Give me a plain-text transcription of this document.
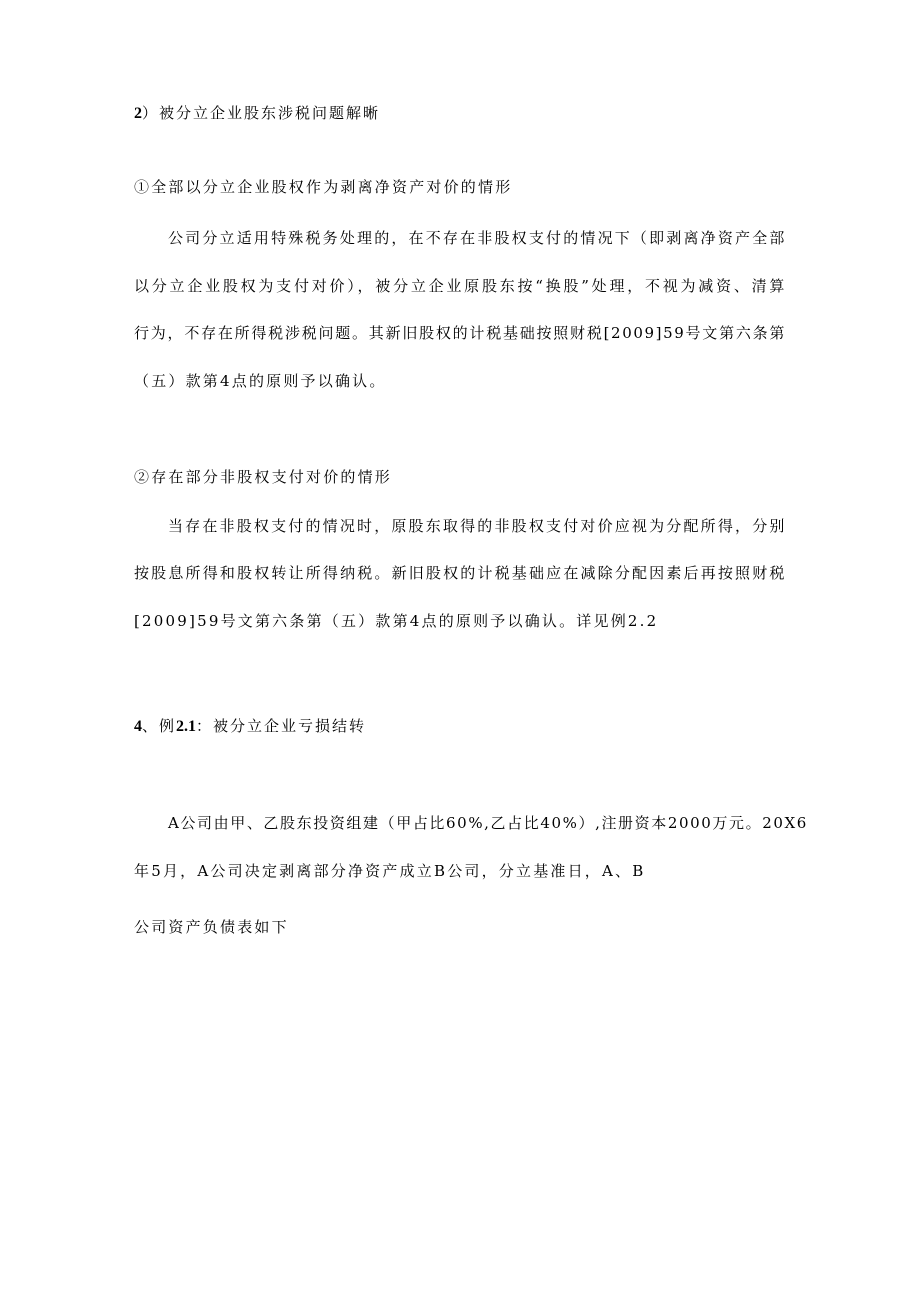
2）被分立企业股东涉税问题解晰
①全部以分立企业股权作为剥离净资产对价的情形
公司分立适用特殊税务处理的，在不存在非股权支付的情况下（即剥离净资产全部
以分立企业股权为支付对价），被分立企业原股东按“换股”处理，不视为减资、清算
行为，不存在所得税涉税问题。其新旧股权的计税基础按照财税[2009]59号文第六条第
（五）款第4点的原则予以确认。
②存在部分非股权支付对价的情形
当存在非股权支付的情况时，原股东取得的非股权支付对价应视为分配所得，分别
按股息所得和股权转让所得纳税。新旧股权的计税基础应在减除分配因素后再按照财税
[2009]59号文第六条第（五）款第4点的原则予以确认。详见例2.2
4、例2.1：被分立企业亏损结转
A公司由甲、乙股东投资组建（甲占比60%,乙占比40%）,注册资本2000万元。20X6
年5月，A公司决定剥离部分净资产成立B公司，分立基准日，A、B
公司资产负债表如下
